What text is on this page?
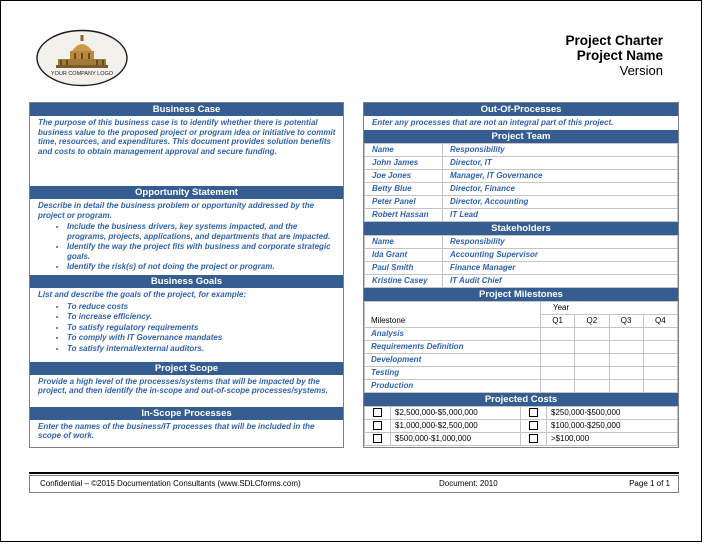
YOUR COMPANY LOGO
Project Charter
Project Name
Version
Business Case
The purpose of this business case is to identify whether there is potential business value to the proposed project or program idea or initiative to commit time, resources, and expenditures. This document provides solution benefits and costs to obtain management approval and secure funding.
Opportunity Statement
Describe in detail the business problem or opportunity addressed by the project or program.
• Include the business drivers, key systems impacted, and the programs, projects, applications, and departments that are impacted.
• Identify the way the project fits with business and corporate strategic goals.
• Identify the risk(s) of not doing the project or program.
Business Goals
List and describe the goals of the project, for example:
• To reduce costs
• To increase efficiency.
• To satisfy regulatory requirements
• To comply with IT Governance mandates
• To satisfy internal/external auditors.
Project Scope
Provide a high level of the processes/systems that will be impacted by the project, and then identify the in-scope and out-of-scope processes/systems.
In-Scope Processes
Enter the names of the business/IT processes that will be included in the scope of work.
Out-Of-Processes
Enter any processes that are not an integral part of this project.
Project Team
Name	Responsibility
John James	Director, IT
Joe Jones	Manager, IT Governance
Betty Blue	Director, Finance
Peter Panel	Director, Accounting
Robert Hassan	IT Lead
Stakeholders
Name	Responsibility
Ida Grant	Accounting Supervisor
Paul Smith	Finance Manager
Kristine Casey	IT Audit Chief
Project Milestones
	Year			
Milestone	Q1	Q2	Q3	Q4
Analysis				
Requirements Definition				
Development				
Testing				
Production				
Projected Costs
	$2,500,000-$5,000,000		$250,000-$500,000
	$1,000,000-$2,500,000		$100,000-$250,000
	$500,000-$1,000,000		>$100,000
Confidential – ©2015 Documentation Consultants (www.SDLCforms.com)	Document: 2010	Page 1 of 1
